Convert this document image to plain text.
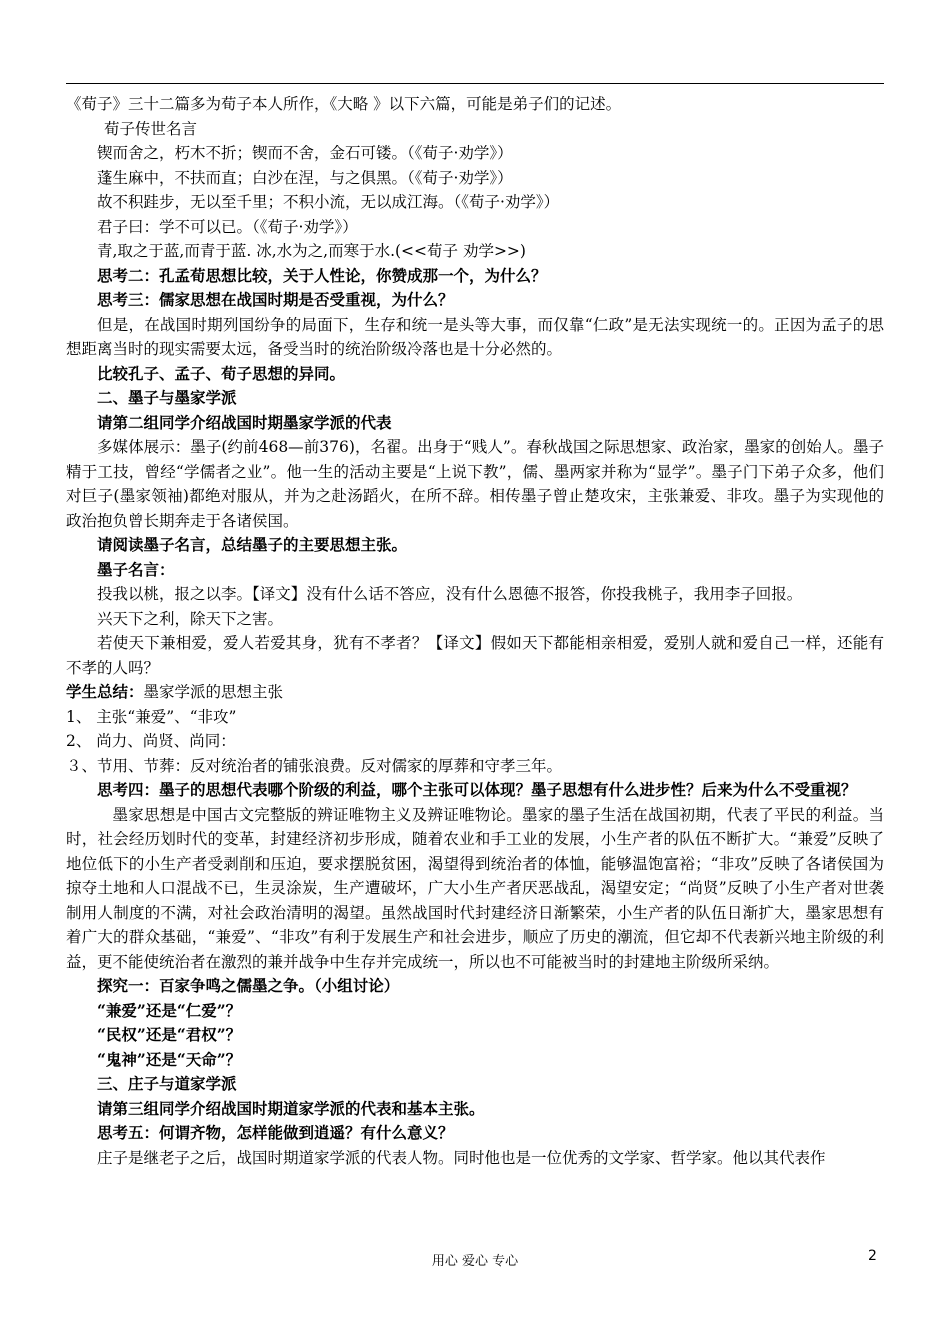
《荀子》三十二篇多为荀子本人所作，《大略 》以下六篇，可能是弟子们的记述。

荀子传世名言

锲而舍之，朽木不折；锲而不舍，金石可镂。（《荀子·劝学》）

蓬生麻中，不扶而直；白沙在涅，与之俱黑。（《荀子·劝学》）

故不积跬步，无以至千里；不积小流，无以成江海。（《荀子·劝学》）

君子曰：学不可以已。（《荀子·劝学》）

青,取之于蓝,而青于蓝. 冰,水为之,而寒于水.(<<荀子 劝学>>)

思考二：孔孟荀思想比较，关于人性论，你赞成那一个，为什么？

思考三：儒家思想在战国时期是否受重视，为什么？

但是，在战国时期列国纷争的局面下，生存和统一是头等大事，而仅靠“仁政”是无法实现统一的。正因为孟子的思想距离当时的现实需要太远，备受当时的统治阶级冷落也是十分必然的。

比较孔子、孟子、荀子思想的异同。

二、墨子与墨家学派

请第二组同学介绍战国时期墨家学派的代表

多媒体展示：墨子(约前468—前376)，名翟。出身于“贱人”。春秋战国之际思想家、政治家，墨家的创始人。墨子精于工技，曾经“学儒者之业”。他一生的活动主要是“上说下教”，儒、墨两家并称为“显学”。墨子门下弟子众多，他们对巨子(墨家领袖)都绝对服从，并为之赴汤蹈火，在所不辞。相传墨子曾止楚攻宋，主张兼爱、非攻。墨子为实现他的政治抱负曾长期奔走于各诸侯国。

请阅读墨子名言，总结墨子的主要思想主张。

墨子名言：

投我以桃，报之以李。【译文】没有什么话不答应，没有什么恩德不报答，你投我桃子，我用李子回报。

兴天下之利，除天下之害。

若使天下兼相爱，爱人若爱其身，犹有不孝者？【译文】假如天下都能相亲相爱，爱别人就和爱自己一样，还能有不孝的人吗？

学生总结：墨家学派的思想主张

1、 主张“兼爱”、“非攻”

2、 尚力、尚贤、尚同：

３、节用、节葬：反对统治者的铺张浪费。反对儒家的厚葬和守孝三年。

思考四：墨子的思想代表哪个阶级的利益，哪个主张可以体现？墨子思想有什么进步性？后来为什么不受重视？

墨家思想是中国古文完整版的辨证唯物主义及辨证唯物论。墨家的墨子生活在战国初期，代表了平民的利益。当时，社会经历划时代的变革，封建经济初步形成，随着农业和手工业的发展，小生产者的队伍不断扩大。“兼爱”反映了地位低下的小生产者受剥削和压迫，要求摆脱贫困，渴望得到统治者的体恤，能够温饱富裕；“非攻”反映了各诸侯国为掠夺土地和人口混战不已，生灵涂炭，生产遭破坏，广大小生产者厌恶战乱，渴望安定；“尚贤”反映了小生产者对世袭制用人制度的不满，对社会政治清明的渴望。虽然战国时代封建经济日渐繁荣，小生产者的队伍日渐扩大，墨家思想有着广大的群众基础，“兼爱”、“非攻”有利于发展生产和社会进步，顺应了历史的潮流，但它却不代表新兴地主阶级的利益，更不能使统治者在激烈的兼并战争中生存并完成统一，所以也不可能被当时的封建地主阶级所采纳。

探究一：百家争鸣之儒墨之争。（小组讨论）

“兼爱”还是“仁爱”？

“民权”还是“君权”？

“鬼神”还是“天命”？

三、庄子与道家学派

请第三组同学介绍战国时期道家学派的代表和基本主张。

思考五：何谓齐物，怎样能做到逍遥？有什么意义？

庄子是继老子之后，战国时期道家学派的代表人物。同时他也是一位优秀的文学家、哲学家。他以其代表作

用心 爱心 专心	2
